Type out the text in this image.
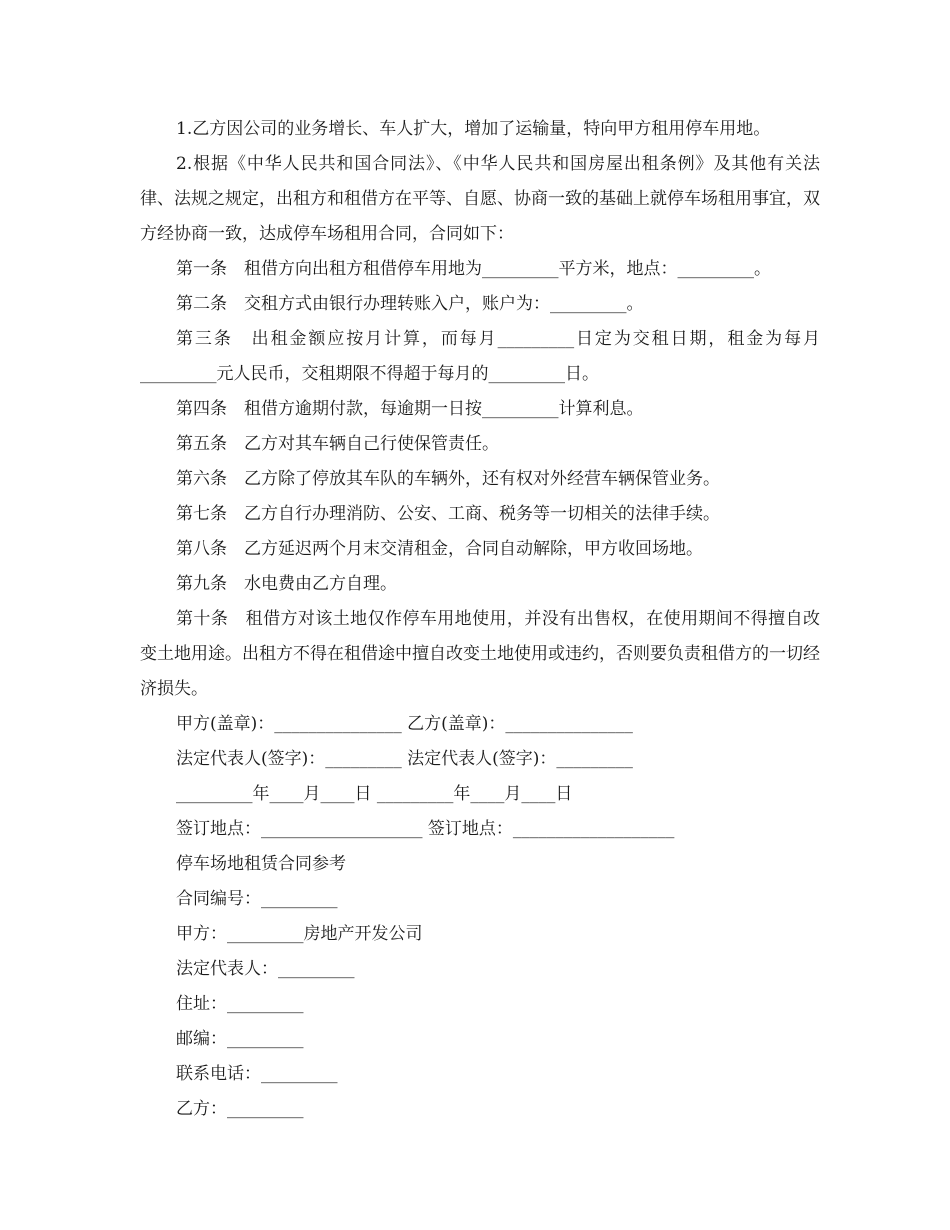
1.乙方因公司的业务增长、车人扩大，增加了运输量，特向甲方租用停车用地。

2.根据《中华人民共和国合同法》、《中华人民共和国房屋出租条例》及其他有关法律、法规之规定，出租方和租借方在平等、自愿、协商一致的基础上就停车场租用事宜，双方经协商一致，达成停车场租用合同，合同如下：

第一条　租借方向出租方租借停车用地为_________平方米，地点：_________。

第二条　交租方式由银行办理转账入户，账户为：_________。

第三条　出租金额应按月计算，而每月_________日定为交租日期，租金为每月_________元人民币，交租期限不得超于每月的_________日。

第四条　租借方逾期付款，每逾期一日按_________计算利息。

第五条　乙方对其车辆自己行使保管责任。

第六条　乙方除了停放其车队的车辆外，还有权对外经营车辆保管业务。

第七条　乙方自行办理消防、公安、工商、税务等一切相关的法律手续。

第八条　乙方延迟两个月末交清租金，合同自动解除，甲方收回场地。

第九条　水电费由乙方自理。

第十条　租借方对该土地仅作停车用地使用，并没有出售权，在使用期间不得擅自改变土地用途。出租方不得在租借途中擅自改变土地使用或违约，否则要负责租借方的一切经济损失。

甲方(盖章)：_______________ 乙方(盖章)：_______________

法定代表人(签字)：_________ 法定代表人(签字)：_________

_________年____月____日 _________年____月____日

签订地点：___________________ 签订地点：___________________

停车场地租赁合同参考

合同编号：_________

甲方：_________房地产开发公司

法定代表人：_________

住址：_________

邮编：_________

联系电话：_________

乙方：_________
